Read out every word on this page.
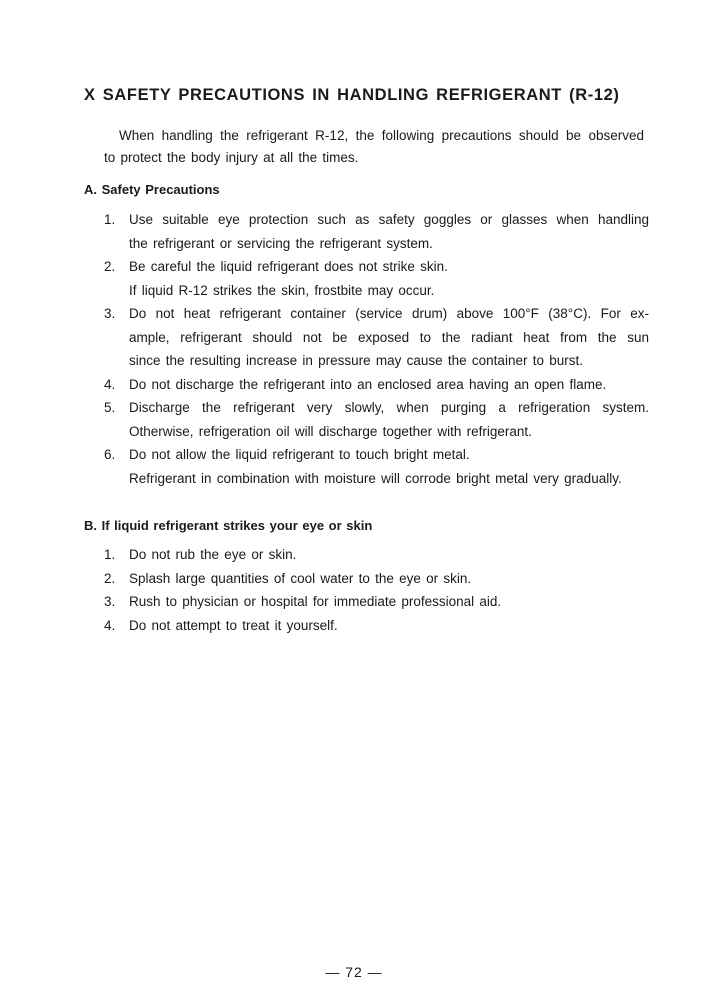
X SAFETY PRECAUTIONS IN HANDLING REFRIGERANT (R-12)
When handling the refrigerant R-12, the following precautions should be observed
to protect the body injury at all the times.
A. Safety Precautions
1. Use suitable eye protection such as safety goggles or glasses when handling
the refrigerant or servicing the refrigerant system.
2. Be careful the liquid refrigerant does not strike skin.
If liquid R-12 strikes the skin, frostbite may occur.
3. Do not heat refrigerant container (service drum) above 100°F (38°C). For ex-
ample, refrigerant should not be exposed to the radiant heat from the sun
since the resulting increase in pressure may cause the container to burst.
4. Do not discharge the refrigerant into an enclosed area having an open flame.
5. Discharge the refrigerant very slowly, when purging a refrigeration system.
Otherwise, refrigeration oil will discharge together with refrigerant.
6. Do not allow the liquid refrigerant to touch bright metal.
Refrigerant in combination with moisture will corrode bright metal very gradually.
B. If liquid refrigerant strikes your eye or skin
1. Do not rub the eye or skin.
2. Splash large quantities of cool water to the eye or skin.
3. Rush to physician or hospital for immediate professional aid.
4. Do not attempt to treat it yourself.
— 72 —
